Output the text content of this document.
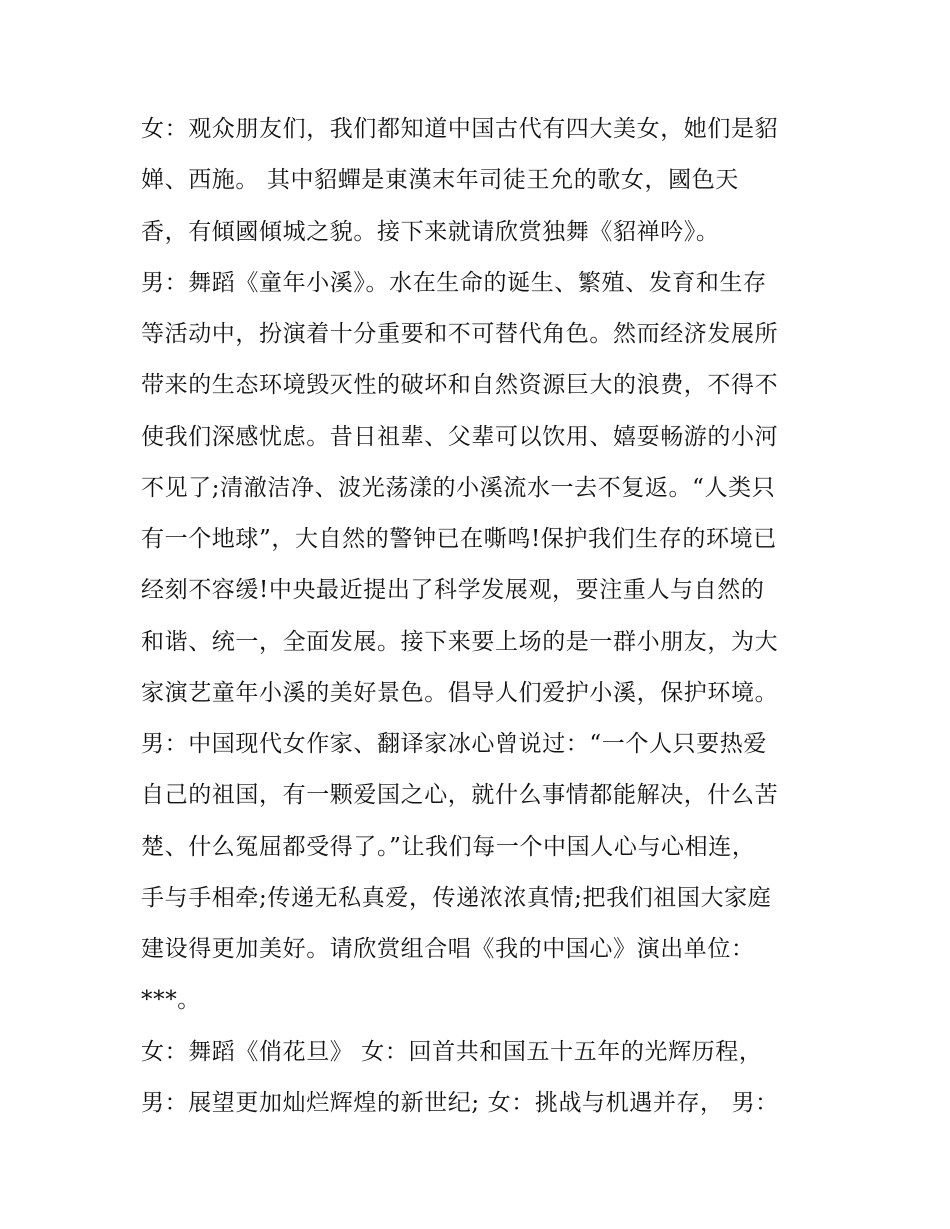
女：观众朋友们，我们都知道中国古代有四大美女，她们是貂
婵、西施。 其中貂蟬是東漢末年司徒王允的歌女，國色天
香，有傾國傾城之貌。接下来就请欣赏独舞《貂禅吟》。
男：舞蹈《童年小溪》。水在生命的诞生、繁殖、发育和生存
等活动中，扮演着十分重要和不可替代角色。然而经济发展所
带来的生态环境毁灭性的破坏和自然资源巨大的浪费，不得不
使我们深感忧虑。昔日祖辈、父辈可以饮用、嬉耍畅游的小河
不见了;清澈洁净、波光荡漾的小溪流水一去不复返。“人类只
有一个地球”，大自然的警钟已在嘶鸣!保护我们生存的环境已
经刻不容缓!中央最近提出了科学发展观，要注重人与自然的
和谐、统一，全面发展。接下来要上场的是一群小朋友，为大
家演艺童年小溪的美好景色。倡导人们爱护小溪，保护环境。
男：中国现代女作家、翻译家冰心曾说过：“一个人只要热爱
自己的祖国，有一颗爱国之心，就什么事情都能解决，什么苦
楚、什么冤屈都受得了。”让我们每一个中国人心与心相连，
手与手相牵;传递无私真爱，传递浓浓真情;把我们祖国大家庭
建设得更加美好。请欣赏组合唱《我的中国心》演出单位：
***。
女：舞蹈《俏花旦》 女：回首共和国五十五年的光辉历程，
男：展望更加灿烂辉煌的新世纪; 女：挑战与机遇并存， 男：
